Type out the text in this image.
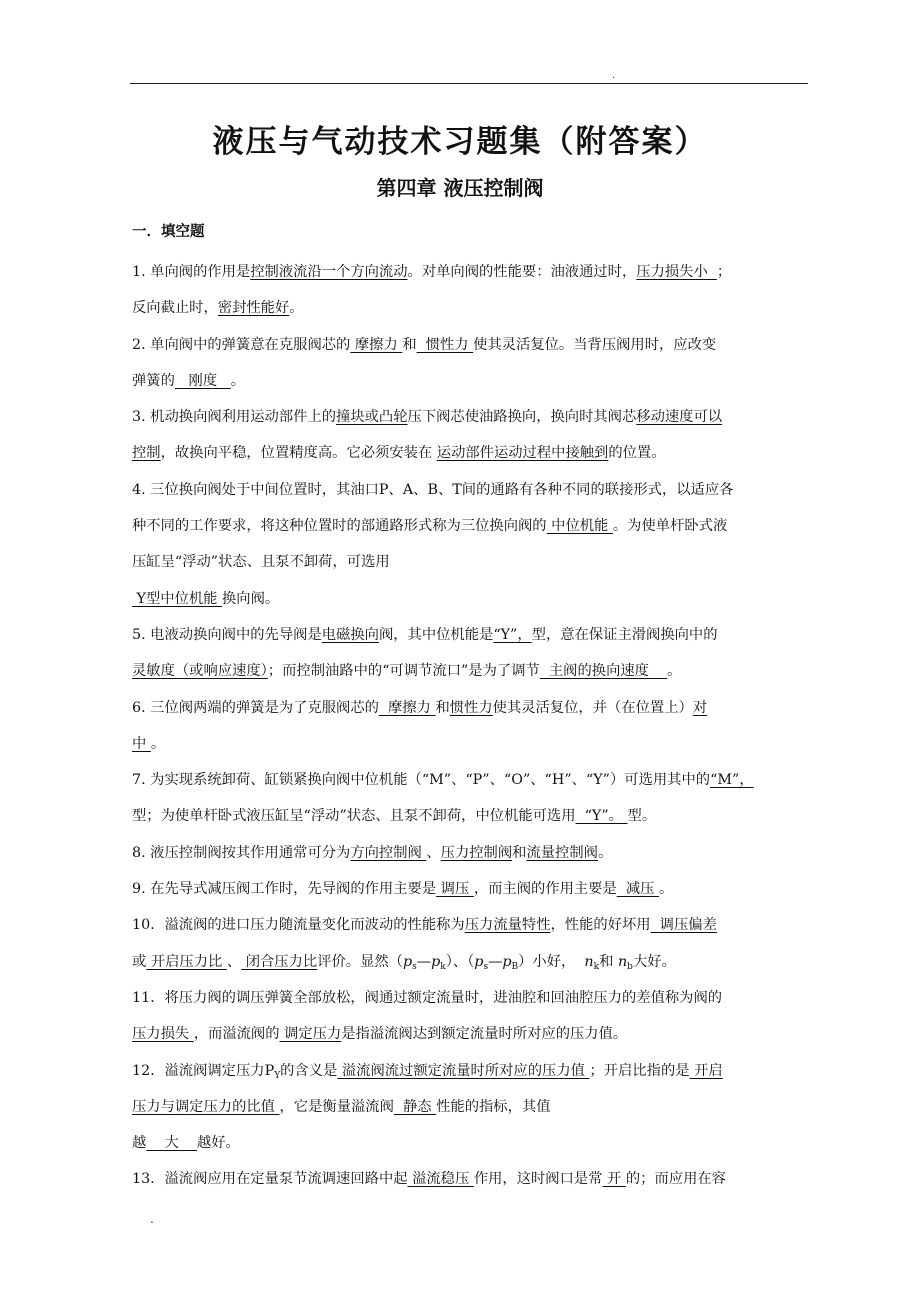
.
液压与气动技术习题集（附答案）
第四章 液压控制阀
一．填空题

1. 单向阀的作用是控制液流沿一个方向流动。对单向阀的性能要：油液通过时，压力损失小  ；

反向截止时，密封性能好。

2. 单向阀中的弹簧意在克服阀芯的 摩擦力 和  惯性力 使其灵活复位。当背压阀用时，应改变

弹簧的   刚度   。

3. 机动换向阀利用运动部件上的撞块或凸轮压下阀芯使油路换向，换向时其阀芯移动速度可以

控制，故换向平稳，位置精度高。它必须安装在 运动部件运动过程中接触到的位置。

4. 三位换向阀处于中间位置时，其油口P、A、B、T间的通路有各种不同的联接形式，以适应各

种不同的工作要求，将这种位置时的部通路形式称为三位换向阀的 中位机能 。为使单杆卧式液

压缸呈“浮动”状态、且泵不卸荷，可选用

Y型中位机能 换向阀。

5. 电液动换向阀中的先导阀是电磁换向阀，其中位机能是“Y”，型，意在保证主滑阀换向中的

灵敏度（或响应速度）；而控制油路中的“可调节流口”是为了调节  主阀的换向速度    。

6. 三位阀两端的弹簧是为了克服阀芯的  摩擦力 和惯性力使其灵活复位，并（在位置上）对

中 。

7. 为实现系统卸荷、缸锁紧换向阀中位机能（“M”、“P”、“O”、“H”、“Y”）可选用其中的“M”，

型；为使单杆卧式液压缸呈“浮动”状态、且泵不卸荷，中位机能可选用  “Y”。 型。

8. 液压控制阀按其作用通常可分为方向控制阀 、压力控制阀和流量控制阀。

9. 在先导式减压阀工作时，先导阀的作用主要是 调压 ，而主阀的作用主要是  减压 。

10．溢流阀的进口压力随流量变化而波动的性能称为压力流量特性，性能的好坏用  调压偏差

或 开启压力比 、 闭合压力比评价。显然$(p_s—p_k)$、$(p_s—p_B)$小好，  $n_k$和 $n_b$大好。

11．将压力阀的调压弹簧全部放松，阀通过额定流量时，进油腔和回油腔压力的差值称为阀的

压力损失 ，而溢流阀的 调定压力是指溢流阀达到额定流量时所对应的压力值。

12．溢流阀调定压力$P_Y$的含义是 溢流阀流过额定流量时所对应的压力值 ；开启比指的是 开启

压力与调定压力的比值 ，它是衡量溢流阀  静态 性能的指标，其值

越    大    越好。

13．溢流阀应用在定量泵节流调速回路中起 溢流稳压 作用，这时阀口是常 开 的；而应用在容

.
